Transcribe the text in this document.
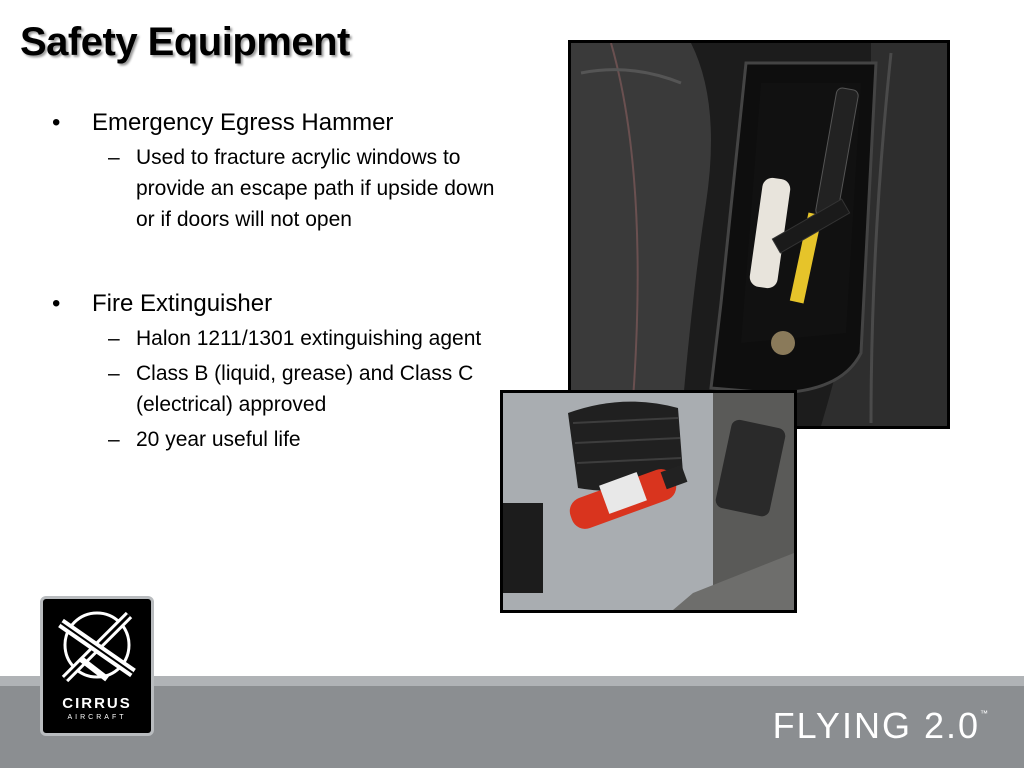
Safety Equipment
• Emergency Egress Hammer
– Used to fracture acrylic windows to provide an escape path if upside down or if doors will not open
• Fire Extinguisher
– Halon 1211/1301 extinguishing agent
– Class B (liquid, grease) and Class C (electrical) approved
– 20 year useful life
FLYING 2.0™
CIRRUS
AIRCRAFT
